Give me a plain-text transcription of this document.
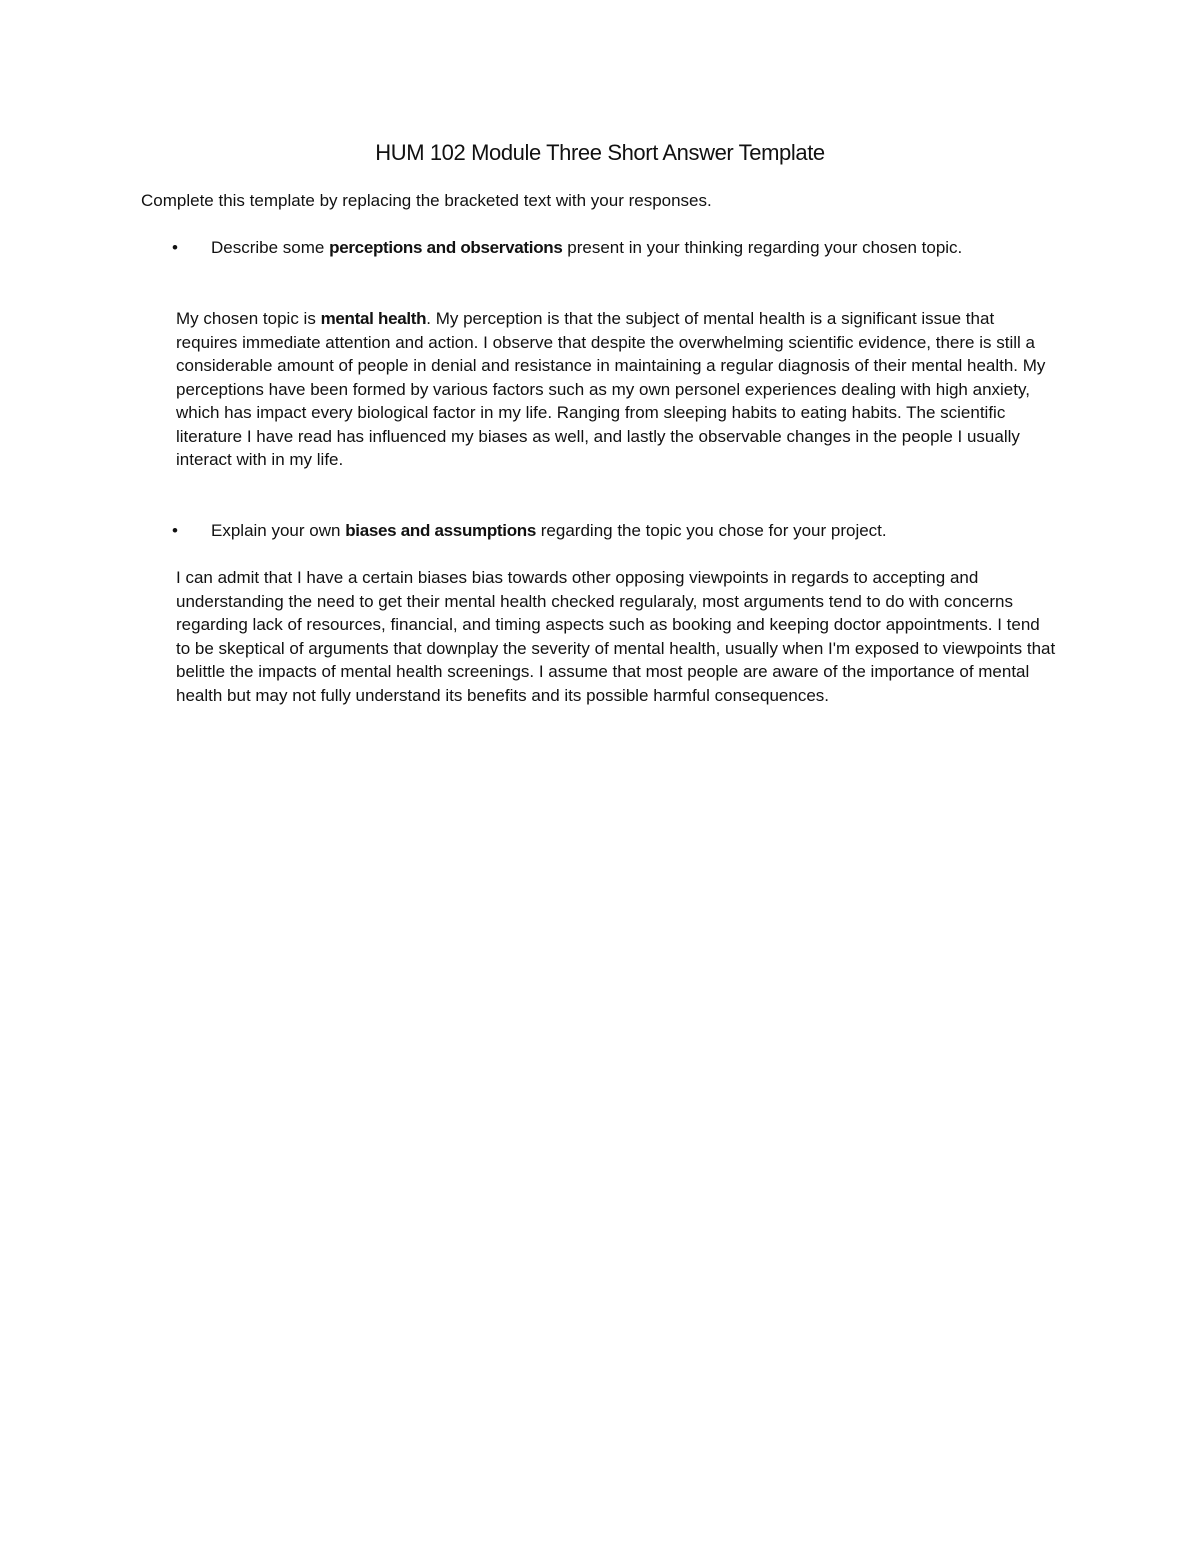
HUM 102 Module Three Short Answer Template

Complete this template by replacing the bracketed text with your responses.

• Describe some perceptions and observations present in your thinking regarding your chosen topic.

My chosen topic is mental health. My perception is that the subject of mental health is a significant issue that requires immediate attention and action. I observe that despite the overwhelming scientific evidence, there is still a considerable amount of people in denial and resistance in maintaining a regular diagnosis of their mental health. My perceptions have been formed by various factors such as my own personel experiences dealing with high anxiety, which has impact every biological factor in my life. Ranging from sleeping habits to eating habits. The scientific literature I have read has influenced my biases as well, and lastly the observable changes in the people I usually interact with in my life.

• Explain your own biases and assumptions regarding the topic you chose for your project.

I can admit that I have a certain biases bias towards other opposing viewpoints in regards to accepting and understanding the need to get their mental health checked regularaly, most arguments tend to do with concerns regarding lack of resources, financial, and timing aspects such as booking and keeping doctor appointments. I tend to be skeptical of arguments that downplay the severity of mental health, usually when I'm exposed to viewpoints that belittle the impacts of mental health screenings. I assume that most people are aware of the importance of mental health but may not fully understand its benefits and its possible harmful consequences.
